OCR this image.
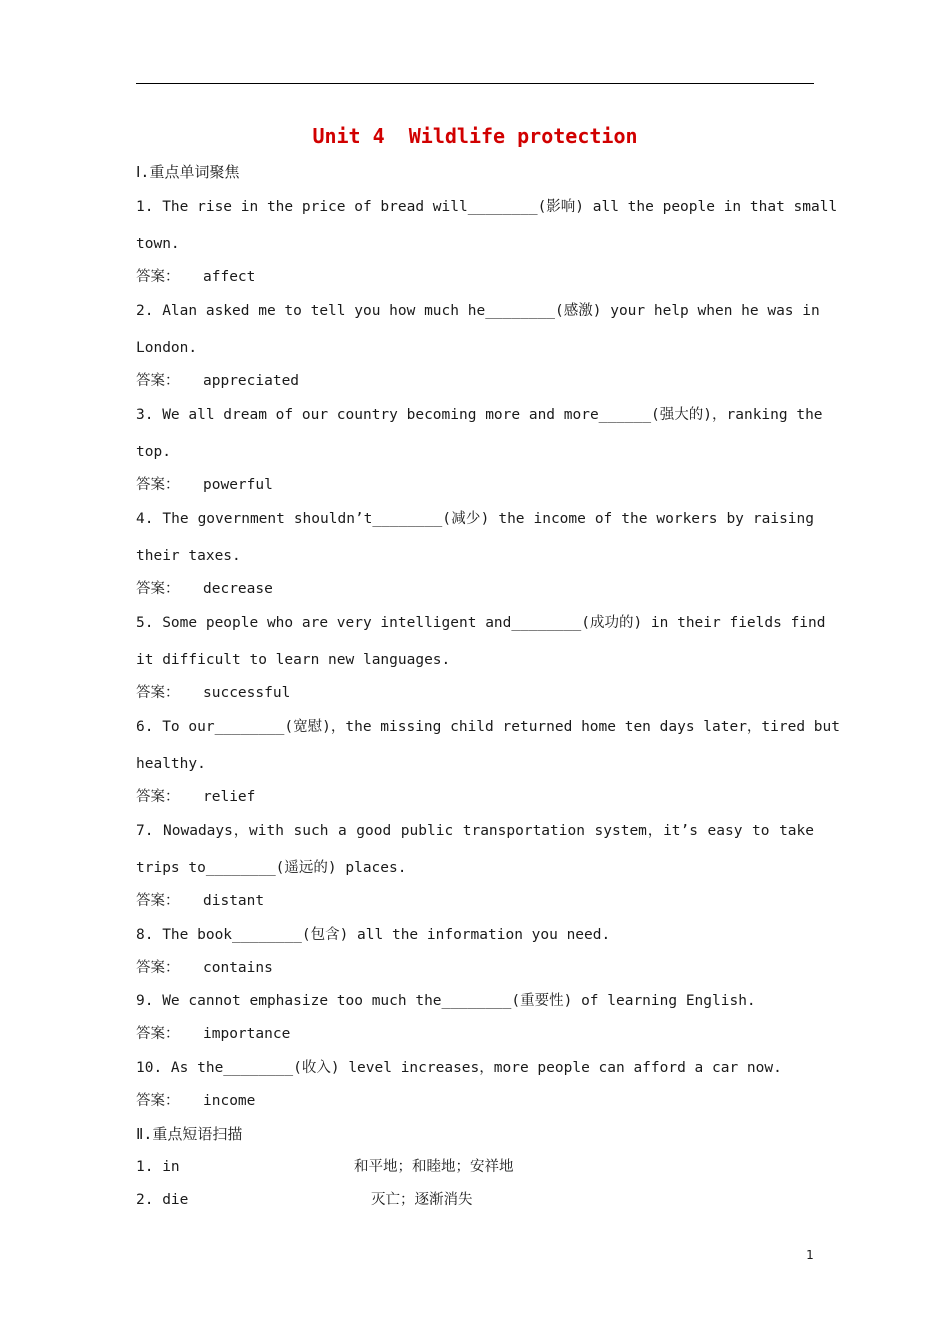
Unit 4  Wildlife protection
Ⅰ.重点单词聚焦
1. The rise in the price of bread will________(影响) all the people in that small
town.
答案： affect
2. Alan asked me to tell you how much he________(感激) your help when he was in
London.
答案： appreciated
3. We all dream of our country becoming more and more______(强大的)，ranking the
top.
答案： powerful
4. The government shouldn’t________(减少) the income of the workers by raising
their taxes.
答案： decrease
5. Some people who are very intelligent and________(成功的) in their fields find
it difficult to learn new languages.
答案： successful
6. To our________(宽慰)，the missing child returned home ten days later，tired but
healthy.
答案： relief
7. Nowadays，with such a good public transportation system，it’s easy to take
trips to________(遥远的) places.
答案： distant
8. The book________(包含) all the information you need.
答案： contains
9. We cannot emphasize too much the________(重要性) of learning English.
答案： importance
10. As the________(收入) level increases，more people can afford a car now.
答案： income
Ⅱ.重点短语扫描
1. in	和平地；和睦地；安祥地
2. die	灭亡；逐渐消失
1
